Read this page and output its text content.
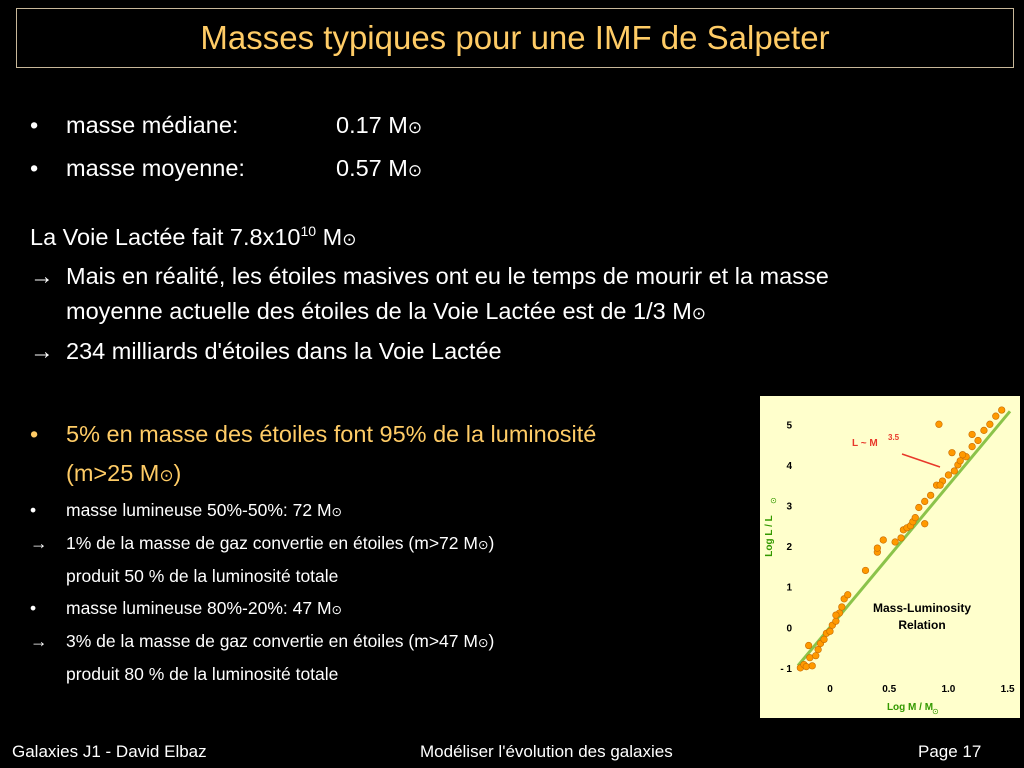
Masses typiques pour une IMF de Salpeter
• masse médiane:	0.17 M⊙
• masse moyenne:	0.57 M⊙
La Voie Lactée fait $7.8x10^{10}$ M⊙
→ Mais en réalité, les étoiles masives ont eu le temps de mourir et la masse
moyenne actuelle des étoiles de la Voie Lactée est de 1/3 M⊙
→ 234 milliards d'étoiles dans la Voie Lactée
• 5% en masse des étoiles font 95% de la luminosité
(m>25 M⊙)
• masse lumineuse 50%-50%: 72 M⊙
→ 1% de la masse de gaz convertie en étoiles (m>72 M⊙)
produit 50 % de la luminosité totale
• masse lumineuse 80%-20%: 47 M⊙
→ 3% de la masse de gaz convertie en étoiles (m>47 M⊙)
produit 80 % de la luminosité totale	- 1
0
1
2
3
4
5
0	0.5	1.0	1.5
Log M / M
⊙
Log L / L
⊙
L ~ M
3.5
Mass-Luminosity
Relation
Galaxies J1 - David Elbaz	Modéliser l'évolution des galaxies	Page 17
